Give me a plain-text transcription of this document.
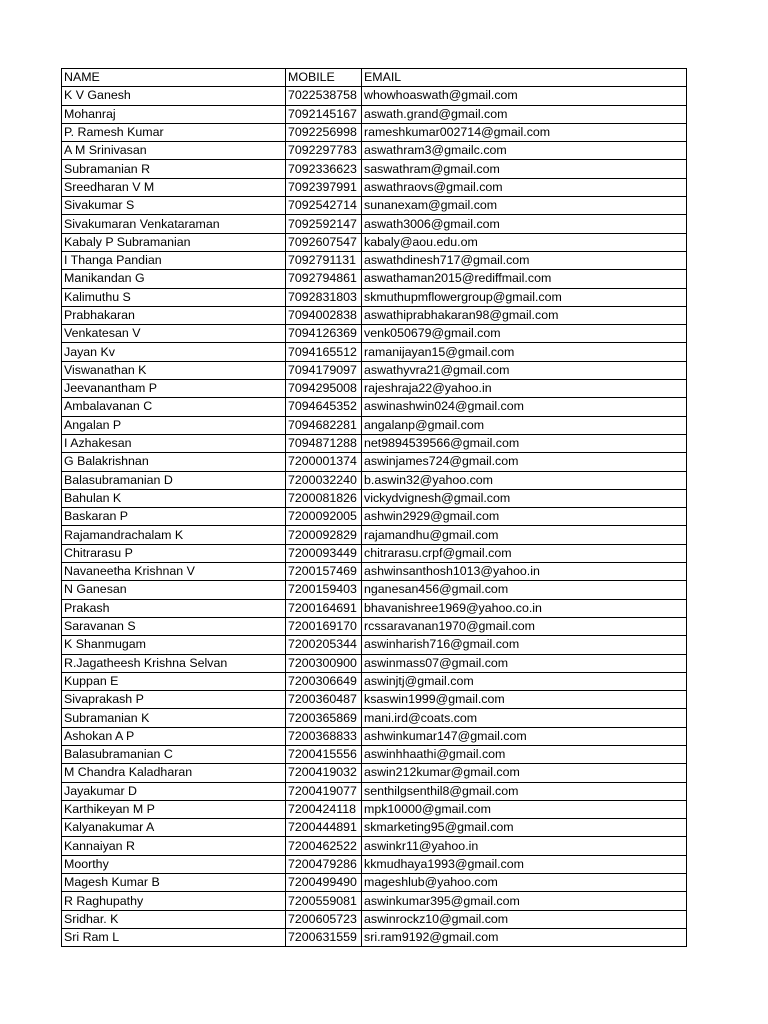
NAME	MOBILE	EMAIL
K V Ganesh	7022538758	whowhoaswath@gmail.com
Mohanraj	7092145167	aswath.grand@gmail.com
P. Ramesh Kumar	7092256998	rameshkumar002714@gmail.com
A M Srinivasan	7092297783	aswathram3@gmailc.com
Subramanian R	7092336623	saswathram@gmail.com
Sreedharan V M	7092397991	aswathraovs@gmail.com
Sivakumar S	7092542714	sunanexam@gmail.com
Sivakumaran Venkataraman	7092592147	aswath3006@gmail.com
Kabaly P Subramanian	7092607547	kabaly@aou.edu.om
I Thanga Pandian	7092791131	aswathdinesh717@gmail.com
Manikandan G	7092794861	aswathaman2015@rediffmail.com
Kalimuthu S	7092831803	skmuthupmflowergroup@gmail.com
Prabhakaran	7094002838	aswathiprabhakaran98@gmail.com
Venkatesan V	7094126369	venk050679@gmail.com
Jayan Kv	7094165512	ramanijayan15@gmail.com
Viswanathan K	7094179097	aswathyvra21@gmail.com
Jeevanantham P	7094295008	rajeshraja22@yahoo.in
Ambalavanan C	7094645352	aswinashwin024@gmail.com
Angalan P	7094682281	angalanp@gmail.com
I Azhakesan	7094871288	net9894539566@gmail.com
G Balakrishnan	7200001374	aswinjames724@gmail.com
Balasubramanian D	7200032240	b.aswin32@yahoo.com
Bahulan K	7200081826	vickydvignesh@gmail.com
Baskaran P	7200092005	ashwin2929@gmail.com
Rajamandrachalam K	7200092829	rajamandhu@gmail.com
Chitrarasu P	7200093449	chitrarasu.crpf@gmail.com
Navaneetha Krishnan V	7200157469	ashwinsanthosh1013@yahoo.in
N Ganesan	7200159403	nganesan456@gmail.com
Prakash	7200164691	bhavanishree1969@yahoo.co.in
Saravanan S	7200169170	rcssaravanan1970@gmail.com
K Shanmugam	7200205344	aswinharish716@gmail.com
R.Jagatheesh Krishna Selvan	7200300900	aswinmass07@gmail.com
Kuppan E	7200306649	aswinjtj@gmail.com
Sivaprakash P	7200360487	ksaswin1999@gmail.com
Subramanian K	7200365869	mani.ird@coats.com
Ashokan A P	7200368833	ashwinkumar147@gmail.com
Balasubramanian C	7200415556	aswinhhaathi@gmail.com
M Chandra Kaladharan	7200419032	aswin212kumar@gmail.com
Jayakumar D	7200419077	senthilgsenthil8@gmail.com
Karthikeyan M P	7200424118	mpk10000@gmail.com
Kalyanakumar A	7200444891	skmarketing95@gmail.com
Kannaiyan R	7200462522	aswinkr11@yahoo.in
Moorthy	7200479286	kkmudhaya1993@gmail.com
Magesh Kumar B	7200499490	mageshlub@yahoo.com
R Raghupathy	7200559081	aswinkumar395@gmail.com
Sridhar. K	7200605723	aswinrockz10@gmail.com
Sri Ram L	7200631559	sri.ram9192@gmail.com
